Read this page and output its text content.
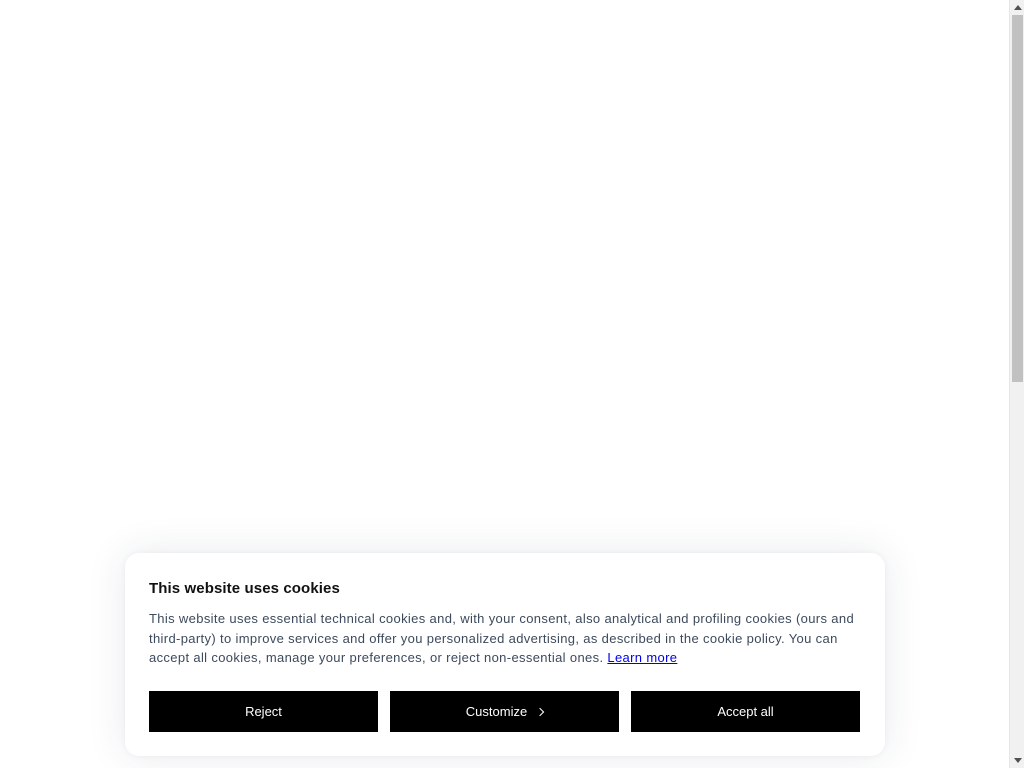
This website uses cookies

This website uses essential technical cookies and, with your consent, also analytical and profiling cookies (ours and third-party) to improve services and offer you personalized advertising, as described in the cookie policy. You can accept all cookies, manage your preferences, or reject non-essential ones. Learn more

Reject	Customize	Accept all
